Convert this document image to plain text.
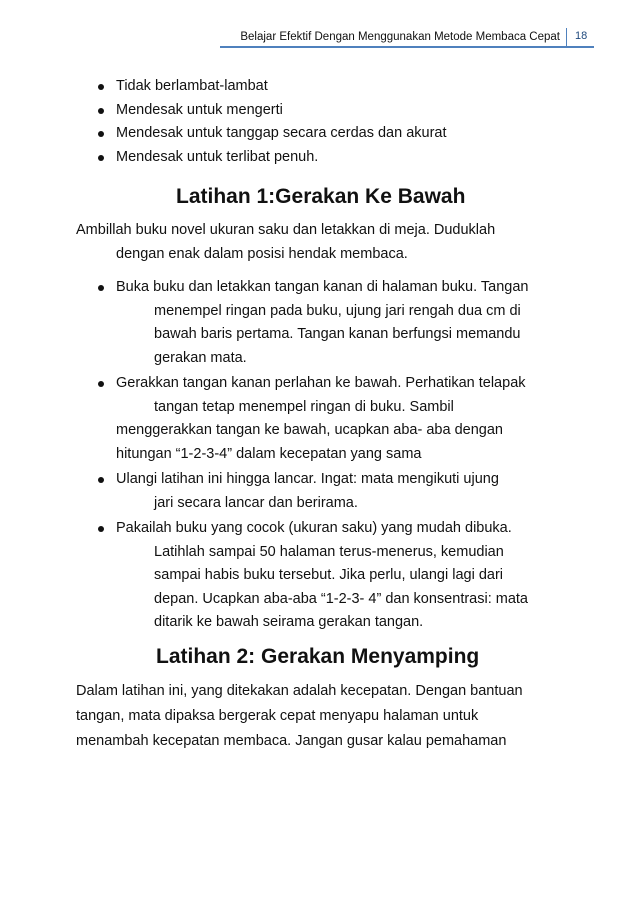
Belajar Efektif Dengan Menggunakan Metode Membaca Cepat	18
Tidak berlambat-lambat
Mendesak untuk mengerti
Mendesak untuk tanggap secara cerdas dan akurat
Mendesak untuk terlibat penuh.
Latihan 1:Gerakan Ke Bawah
Ambillah buku novel ukuran saku dan letakkan di meja. Duduklah
dengan enak dalam posisi hendak membaca.
Buka buku dan letakkan tangan kanan di halaman buku. Tangan
menempel ringan pada buku, ujung jari rengah dua cm di
bawah baris pertama. Tangan kanan berfungsi memandu
gerakan mata.
Gerakkan tangan kanan perlahan ke bawah. Perhatikan telapak
tangan tetap menempel ringan di buku. Sambil
menggerakkan tangan ke bawah, ucapkan aba- aba dengan
hitungan “1-2-3-4” dalam kecepatan yang sama
Ulangi latihan ini hingga lancar. Ingat: mata mengikuti ujung
jari secara lancar dan berirama.
Pakailah buku yang cocok (ukuran saku) yang mudah dibuka.
Latihlah sampai 50 halaman terus-menerus, kemudian
sampai habis buku tersebut. Jika perlu, ulangi lagi dari
depan. Ucapkan aba-aba “1-2-3- 4” dan konsentrasi: mata
ditarik ke bawah seirama gerakan tangan.
Latihan 2: Gerakan Menyamping
Dalam latihan ini, yang ditekakan adalah kecepatan. Dengan bantuan
tangan, mata dipaksa bergerak cepat menyapu halaman untuk
menambah kecepatan membaca. Jangan gusar kalau pemahaman
